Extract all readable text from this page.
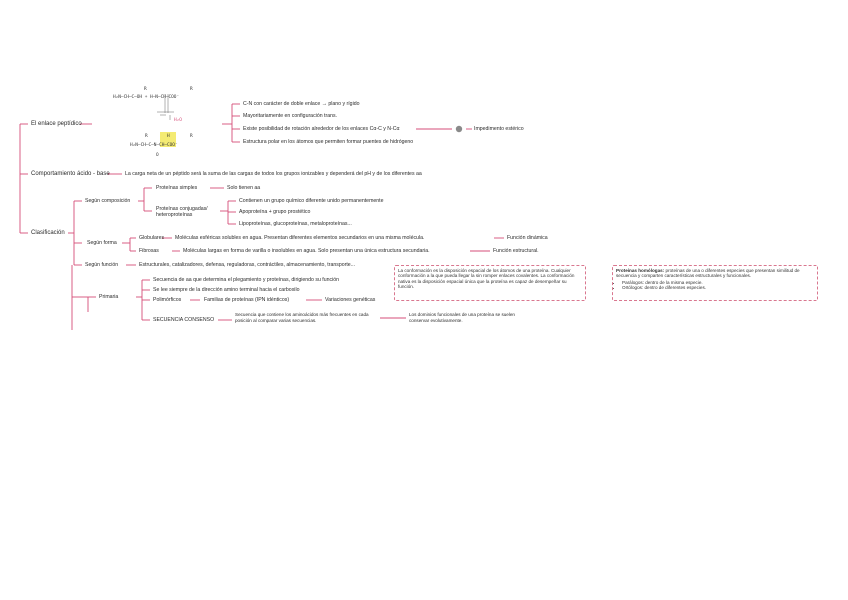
R	R
H₂N—CH—C—OH + H—N—CH—COO⁻
H₂O
R	H
H₂N—CH—C—N—CH—COO⁻
O
R
El enlace peptídico
C-N con carácter de doble enlace → plano y rígido
Mayoritariamente en configuración trans.
Existe posibilidad de rotación alrededor de los enlaces Cα-C y N-Cα	Impedimento estérico
Estructura polar en los átomos que permiten formar puentes de hidrógeno
Comportamiento ácido - base	La carga neta de un péptido será la suma de las cargas de todos los grupos ionizables y dependerá del pH y de los diferentes aa
Clasificación
Según composición
Proteínas simples	Solo tienen aa
Proteínas conjugadas/ heteroproteínas
Contienen un grupo químico diferente unido permanentemente
Apoproteína + grupo prostético
Lipoproteínas, glucoproteínas, metaloproteínas...
Según forma
Globulares Moléculas esféricas solubles en agua. Presentan diferentes elementos secundarios en una misma molécula.	Función dinámica
Fibrosas	Moléculas largas en forma de varilla o insolubles en agua. Solo presentan una única estructura secundaria.	Función estructural.
Según función	Estructurales, catalizadores, defensa, reguladoras, contráctiles, almacenamiento, transporte...
Primaria
Secuencia de aa que determina el plegamiento y proteínas, dirigiendo su función
Se lee siempre de la dirección amino terminal hacia el carboxilo
Polimórficos	Familias de proteínas (IPN idénticos)	Variaciones genéticas
SECUENCIA CONSENSO
Secuencia que contiene los aminoácidos más frecuentes en cada posición al comparar varias secuencias.
Los dominios funcionales de una proteína se suelen conservar evolutivamente.
La conformación es la disposición espacial de los átomos de una proteína. Cualquier conformación a la que pueda llegar la sin romper enlaces covalentes. La conformación nativa es la disposición espacial única que la proteína es capaz de desempeñar su función.
Proteínas homólogas: proteínas de una o diferentes especies que presentan similitud de secuencia y comparten características estructurales y funcionales.
• Parálogos: dentro de la misma especie.
• Ortólogos: dentro de diferentes especies.
